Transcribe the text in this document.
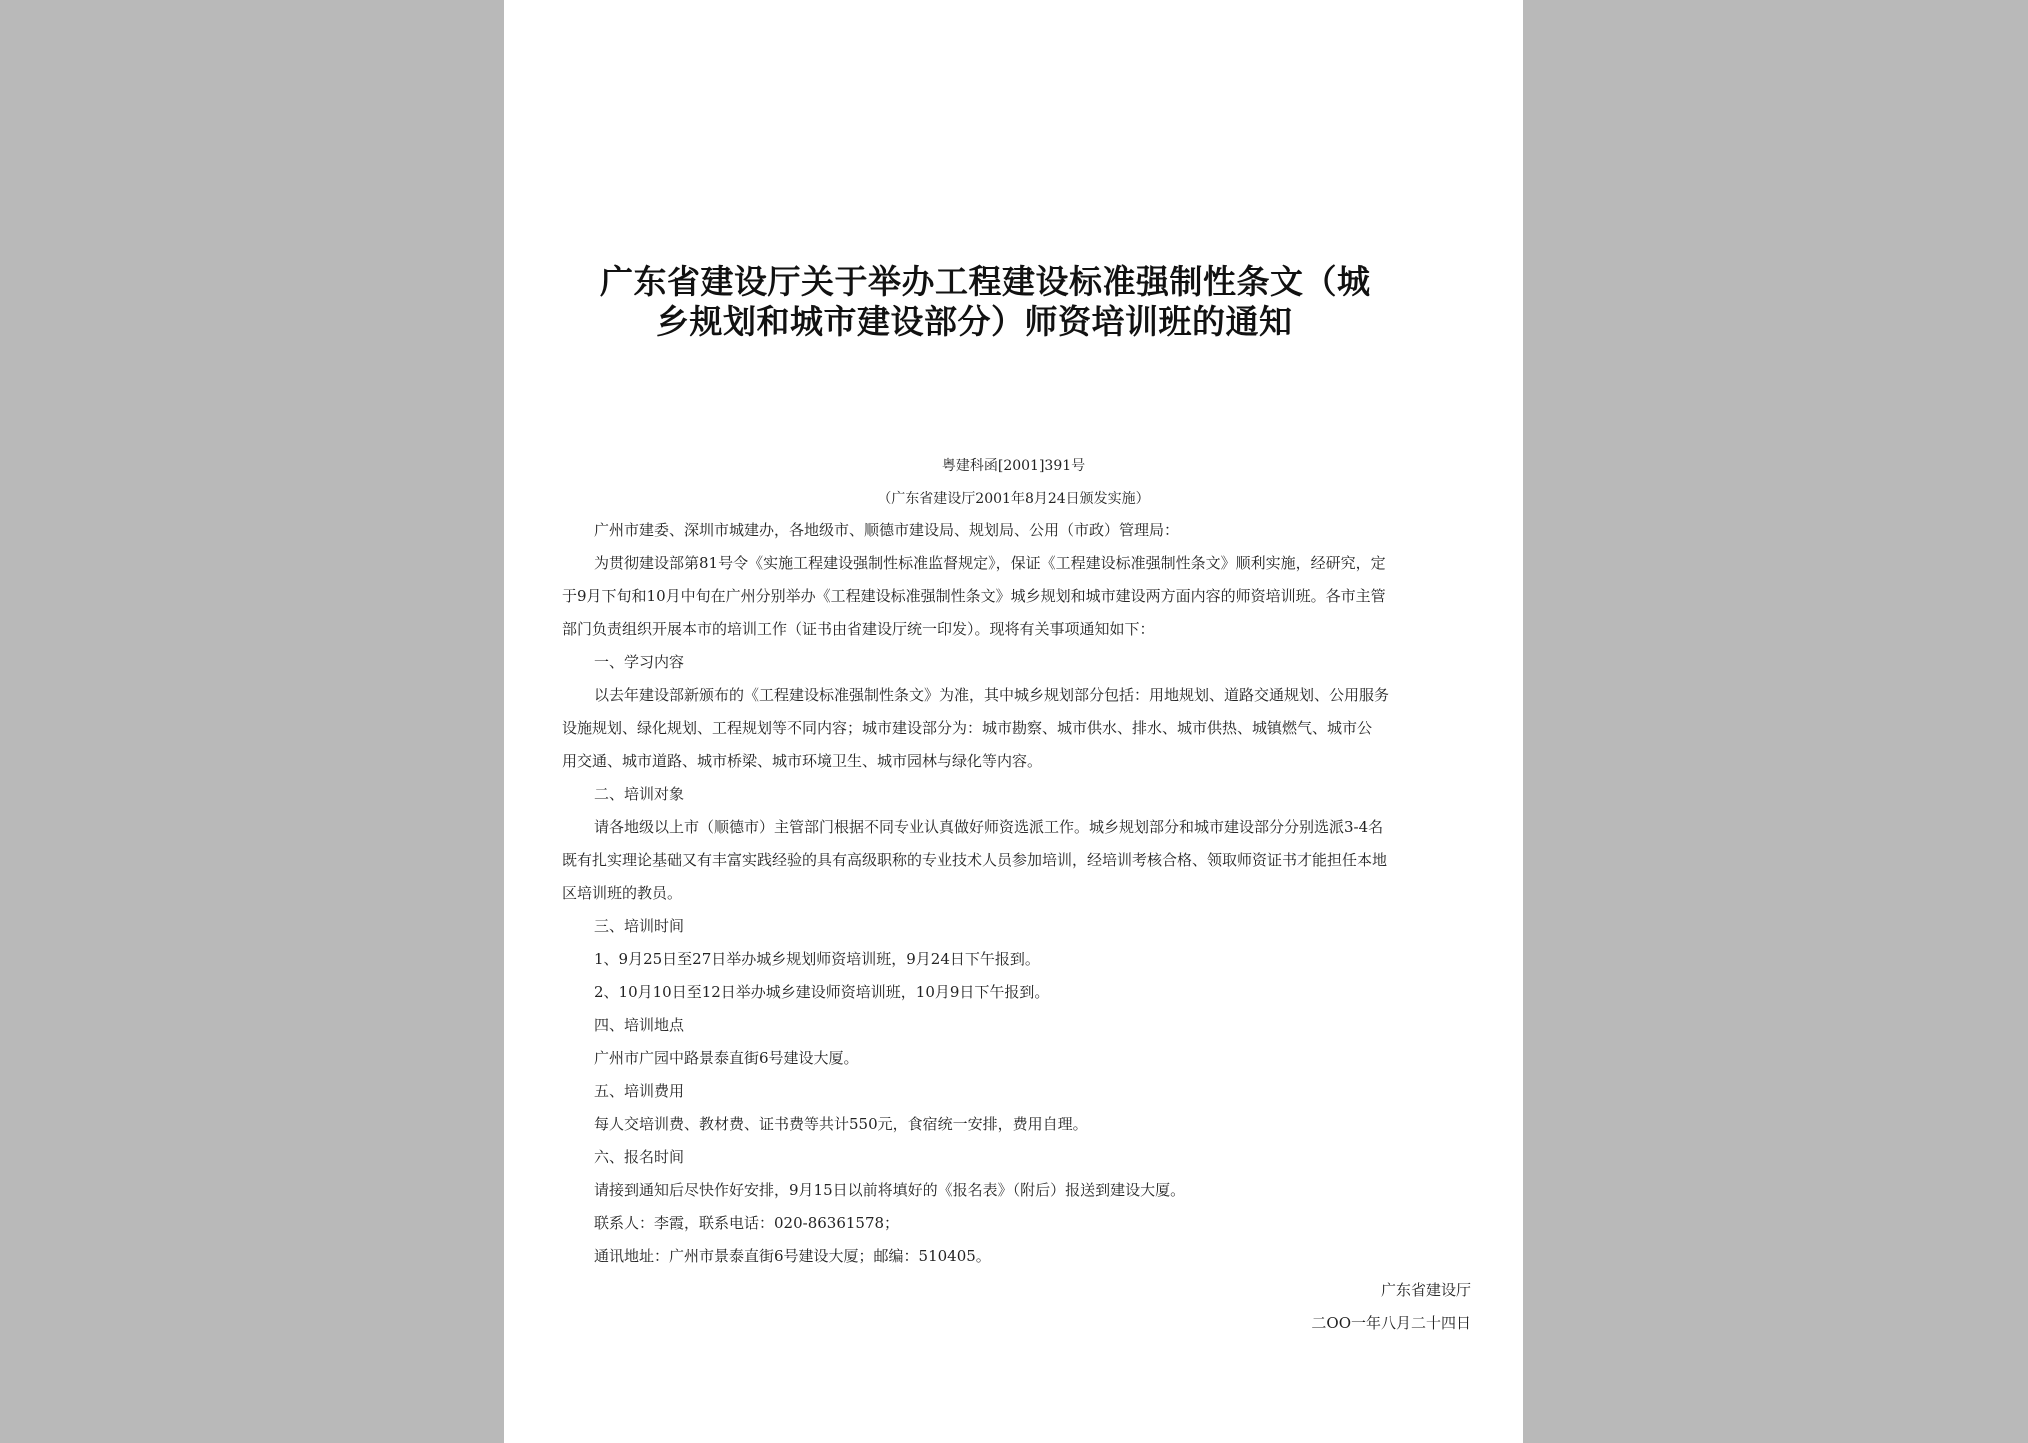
广东省建设厅关于举办工程建设标准强制性条文（城
乡规划和城市建设部分）师资培训班的通知
粤建科函[2001]391号
（广东省建设厅2001年8月24日颁发实施）
广州市建委、深圳市城建办，各地级市、顺德市建设局、规划局、公用（市政）管理局：
为贯彻建设部第81号令《实施工程建设强制性标准监督规定》，保证《工程建设标准强制性条文》顺利实施，经研究，定
于9月下旬和10月中旬在广州分别举办《工程建设标准强制性条文》城乡规划和城市建设两方面内容的师资培训班。各市主管
部门负责组织开展本市的培训工作（证书由省建设厅统一印发）。现将有关事项通知如下：
一、学习内容
以去年建设部新颁布的《工程建设标准强制性条文》为准，其中城乡规划部分包括：用地规划、道路交通规划、公用服务
设施规划、绿化规划、工程规划等不同内容；城市建设部分为：城市勘察、城市供水、排水、城市供热、城镇燃气、城市公
用交通、城市道路、城市桥梁、城市环境卫生、城市园林与绿化等内容。
二、培训对象
请各地级以上市（顺德市）主管部门根据不同专业认真做好师资选派工作。城乡规划部分和城市建设部分分别选派3-4名
既有扎实理论基础又有丰富实践经验的具有高级职称的专业技术人员参加培训，经培训考核合格、领取师资证书才能担任本地
区培训班的教员。
三、培训时间
1、9月25日至27日举办城乡规划师资培训班，9月24日下午报到。
2、10月10日至12日举办城乡建设师资培训班，10月9日下午报到。
四、培训地点
广州市广园中路景泰直街6号建设大厦。
五、培训费用
每人交培训费、教材费、证书费等共计550元，食宿统一安排，费用自理。
六、报名时间
请接到通知后尽快作好安排，9月15日以前将填好的《报名表》（附后）报送到建设大厦。
联系人：李霞，联系电话：020-86361578；
通讯地址：广州市景泰直街6号建设大厦；邮编：510405。
广东省建设厅
二OO一年八月二十四日
